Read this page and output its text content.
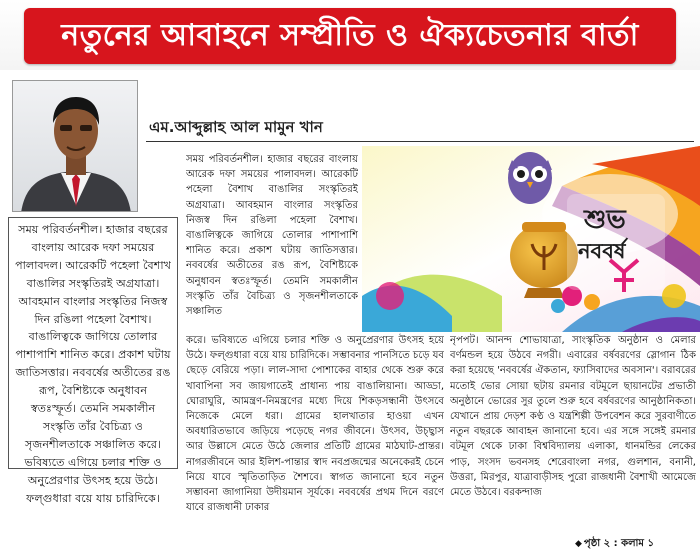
নতুনের আবাহনে সম্প্রীতি ও ঐক্যচেতনার বার্তা
এম.আব্দুল্লাহ আল মামুন খান

সময় পরিবর্তনশীল। হাজার বছরের বাংলায় আরেক দফা সময়ের পালাবদল। আরেকটি পহেলা বৈশাখ বাঙালির সংস্কৃতিরই অগ্রযাত্রা। আবহমান বাংলার সংস্কৃতির নিজস্ব দিন রঙিলা পহেলা বৈশাখ। বাঙালিত্বকে জাগিয়ে তোলার পাশাপাশি শানিত করে। প্রকাশ ঘটায় জাতিসত্তার। নববর্ষের অতীতের রঙ রূপ, বৈশিষ্ট্যকে অনুধাবন স্বতঃস্ফূর্ত। তেমনি সমকালীন সংস্কৃতি তাঁর বৈচিত্র্য ও সৃজনশীলতাকে সঞ্চালিত করে। ভবিষ্যতে এগিয়ে চলার শক্তি ও অনুপ্রেরণার উৎসহ হয়ে উঠে। ফল্গুধারা বয়ে যায় চারিদিকে।

সময় পরিবর্তনশীল। হাজার বছরের বাংলায় আরেক দফা সময়ের পালাবদল। আরেকটি পহেলা বৈশাখ বাঙালির সংস্কৃতিরই অগ্রযাত্রা। আবহমান বাংলার সংস্কৃতির নিজস্ব দিন রঙিলা পহেলা বৈশাখ। বাঙালিত্বকে জাগিয়ে তোলার পাশাপাশি শানিত করে। প্রকাশ ঘটায় জাতিসত্তার। নববর্ষের অতীতের রঙ রূপ, বৈশিষ্ট্যকে অনুধাবন স্বতঃস্ফূর্ত। তেমনি সমকালীন সংস্কৃতি তাঁর বৈচিত্র্য ও সৃজনশীলতাকে সঞ্চালিত

শুভ
নববর্ষ

করে। ভবিষ্যতে এগিয়ে চলার শক্তি ও অনুপ্রেরণার উৎসহ হয়ে উঠে। ফল্গুধারা বয়ে যায় চারিদিকে। সম্ভাবনার পানসিতে চড়ে যব ছেড়ে বেরিয়ে পড়া। লাল-সাদা পোশাকের বাহার থেকে শুরু করে খাবাপিনা সব জায়গাতেই প্রাধান্য পায় বাঙালিয়ানা। আড্ডা, ঘোরাঘুরি, আমন্ত্রণ-নিমন্ত্রণের মধ্যে দিয়ে শিকড়সন্ধানী উৎসবে নিজেকে মেলে ধরা। গ্রামের হালখাতার হাওয়া এখন অবধারিতভাবে জড়িয়ে পড়েছে নগর জীবনে। উৎসব, উচ্ছ্বাস আর উল্লাসে মেতে উঠে জেলার প্রতিটি গ্রামের মাঠঘাট-প্রান্তর। নাগরজীবনে আর ইলিশ-পান্তার স্বাদ নবপ্রজন্মের অনেকেরই চেনে নিয়ে যাবে স্মৃতিতাড়িত শৈশবে। স্বাগত জানানো হবে নতুন সম্ভাবনা জাগানিয়া উদীয়মান সূর্যকে। নববর্ষের প্রথম দিনে বরণে যাবে রাজধানী ঢাকার

নৃপপট। আনন্দ শোভাযাত্রা, সাংস্কৃতিক অনুষ্ঠান ও মেলার বর্ণমন্ডল হয়ে উঠবে নগরী। এবারের বর্ষবরণের স্লোগান ঠিক করা হয়েছে 'নববর্ষের ঐকতান, ফ্যাসিবাদের অবসান'। বরাবরের মতোই ভোর সোয়া ছটায় রমনার বটমূলে ছায়ানটের প্রভাতী অনুষ্ঠানে ভোরের সুর তুলে শুরু হবে বর্ষবরণের আনুষ্ঠানিকতা। যেখানে প্রায় দেড়শ কণ্ঠ ও যন্ত্রশিল্পী উপবেশন করে সুরবাণীতে নতুন বছরকে আবাহন জানানো হবে। এর সঙ্গে সঙ্গেই রমনার বটমূল থেকে ঢাকা বিশ্ববিদ্যালয় এলাকা, ধানমন্ডির লেকের পাড়, সংসদ ভবনসহ শেরেবাংলা নগর, গুলশান, বনানী, উত্তরা, মিরপুর, যাত্রাবাড়ীসহ পুরো রাজধানী বৈশাখী আমেজে মেতে উঠবে। বরকন্দাজ

◆ পৃষ্ঠা ২ : কলাম ১
